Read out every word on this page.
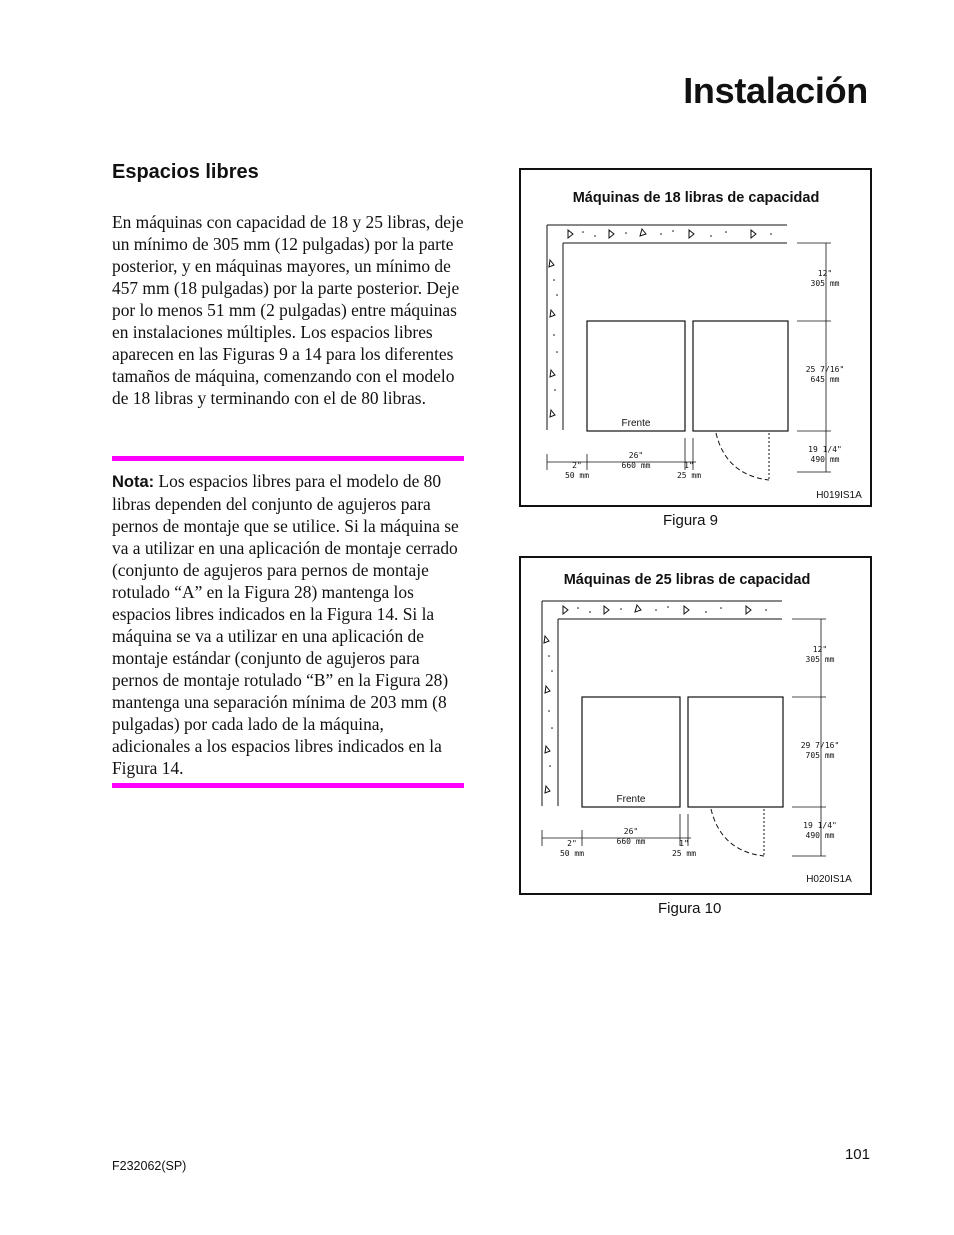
Instalación
Espacios libres

En máquinas con capacidad de 18 y 25 libras, deje un mínimo de 305 mm (12 pulgadas) por la parte posterior, y en máquinas mayores, un mínimo de 457 mm (18 pulgadas) por la parte posterior. Deje por lo menos 51 mm (2 pulgadas) entre máquinas en instalaciones múltiples. Los espacios libres aparecen en las Figuras 9 a 14 para los diferentes tamaños de máquina, comenzando con el modelo de 18 libras y terminando con el de 80 libras.

Nota: Los espacios libres para el modelo de 80 libras dependen del conjunto de agujeros para pernos de montaje que se utilice. Si la máquina se va a utilizar en una aplicación de montaje cerrado (conjunto de agujeros para pernos de montaje rotulado “A” en la Figura 28) mantenga los espacios libres indicados en la Figura 14. Si la máquina se va a utilizar en una aplicación de montaje estándar (conjunto de agujeros para pernos de montaje rotulado “B” en la Figura 28) mantenga una separación mínima de 203 mm (8 pulgadas) por cada lado de la máquina, adicionales a los espacios libres indicados en la Figura 14.

Máquinas de 18 libras de capacidad
Frente
12"
305 mm
25 7/16"
645 mm
19 1/4"
490 mm
2"
50 mm
26"
660 mm	1"
25 mm
H019IS1A
Figura 9
Máquinas de 25 libras de capacidad
Frente
12"
305 mm
29 7/16"
705 mm
19 1/4"
490 mm
2"
50 mm
26"
660 mm	1"
25 mm
H020IS1A
Figura 10
F232062(SP)
101
